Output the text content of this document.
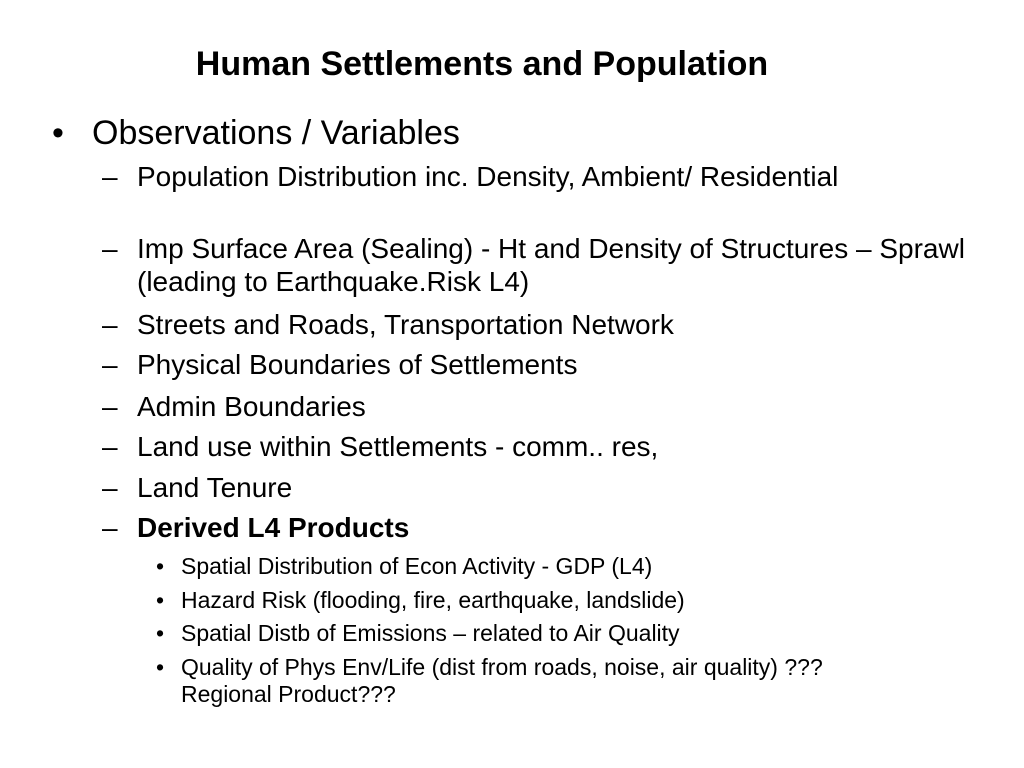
Human Settlements and Population
• Observations / Variables
– Population Distribution inc. Density, Ambient/ Residential
– Imp Surface Area (Sealing) - Ht and Density of Structures – Sprawl (leading to Earthquake.Risk L4)
– Streets and Roads, Transportation Network
– Physical Boundaries of Settlements
– Admin Boundaries
– Land use within Settlements - comm.. res,
– Land Tenure
– Derived L4 Products
• Spatial Distribution of Econ Activity - GDP (L4)
• Hazard Risk (flooding, fire, earthquake, landslide)
• Spatial Distb of Emissions – related to Air Quality
• Quality of Phys Env/Life (dist from roads, noise, air quality) ??? Regional Product???
